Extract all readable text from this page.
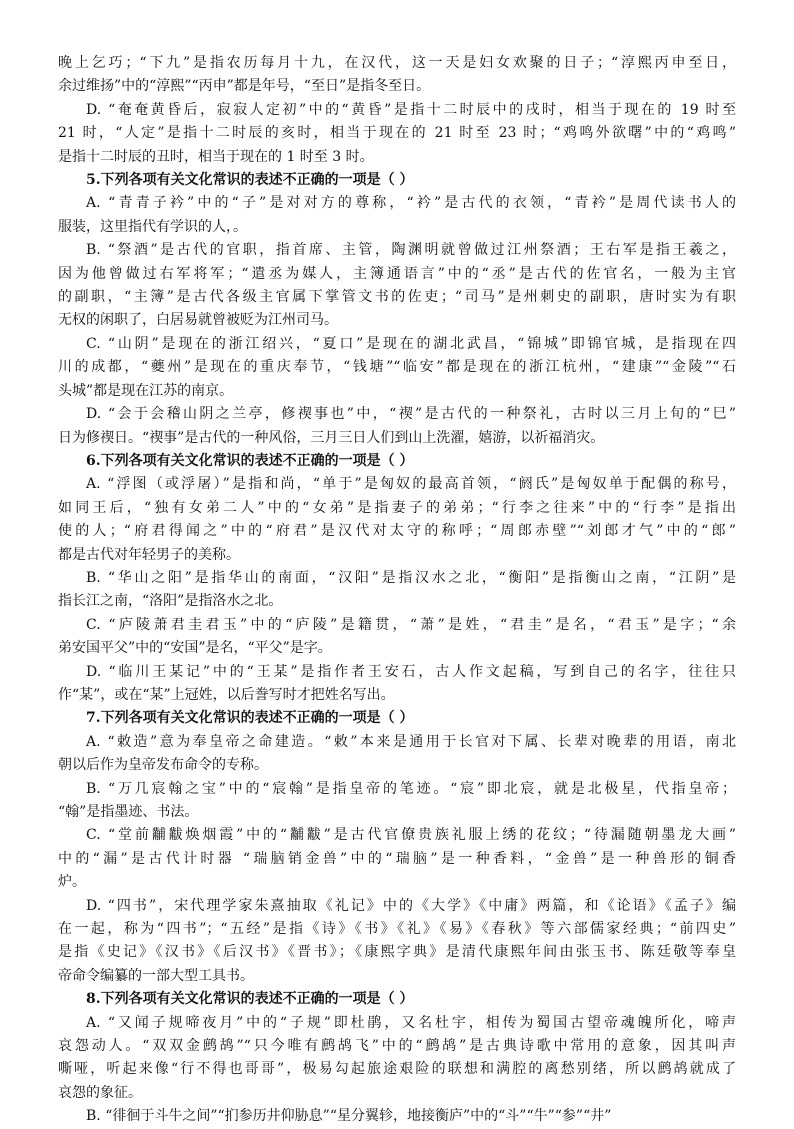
晚上乞巧；“下九”是指农历每月十九，在汉代，这一天是妇女欢聚的日子；“淳熙丙申至日，
余过维扬”中的“淳熙”“丙申”都是年号，“至日”是指冬至日。
D. “奄奄黄昏后，寂寂人定初”中的“黄昏”是指十二时辰中的戌时，相当于现在的 19 时至
21 时，“人定”是指十二时辰的亥时，相当于现在的 21 时至 23 时；“鸡鸣外欲曙”中的“鸡鸣”
是指十二时辰的丑时，相当于现在的 1 时至 3 时。
5.下列各项有关文化常识的表述不正确的一项是（ ）
A. “青青子衿”中的“子”是对对方的尊称，“衿”是古代的衣领，“青衿”是周代读书人的
服装，这里指代有学识的人，。
B. “祭酒”是古代的官职，指首席、主管，陶渊明就曾做过江州祭酒；王右军是指王羲之，
因为他曾做过右军将军；“遣丞为媒人，主簿通语言”中的“丞”是古代的佐官名，一般为主官
的副职，“主簿”是古代各级主官属下掌管文书的佐吏；“司马”是州刺史的副职，唐时实为有职
无权的闲职了，白居易就曾被贬为江州司马。
C. “山阴”是现在的浙江绍兴，“夏口”是现在的湖北武昌，“锦城”即锦官城，是指现在四
川的成都，“夔州”是现在的重庆奉节，“钱塘”“临安”都是现在的浙江杭州，“建康”“金陵”“石
头城”都是现在江苏的南京。
D. “会于会稽山阴之兰亭，修禊事也”中，“禊”是古代的一种祭礼，古时以三月上旬的“巳”
日为修禊日。“禊事”是古代的一种风俗，三月三日人们到山上洗濯，嬉游，以祈福消灾。
6.下列各项有关文化常识的表述不正确的一项是（ ）
A. “浮图（或浮屠）”是指和尚，“单于”是匈奴的最高首领，“阏氏”是匈奴单于配偶的称号，
如同王后，“独有女弟二人”中的“女弟”是指妻子的弟弟；“行李之往来”中的“行李”是指出
使的人；“府君得闻之”中的“府君”是汉代对太守的称呼；“周郎赤壁”“刘郎才气”中的“郎”
都是古代对年轻男子的美称。
B. “华山之阳”是指华山的南面，“汉阳”是指汉水之北，“衡阳”是指衡山之南，“江阴”是
指长江之南，“洛阳”是指洛水之北。
C. “庐陵萧君圭君玉”中的“庐陵”是籍贯，“萧”是姓，“君圭”是名，“君玉”是字；“余
弟安国平父”中的“安国”是名，“平父”是字。
D. “临川王某记”中的“王某”是指作者王安石，古人作文起稿，写到自己的名字，往往只
作“某”，或在“某”上冠姓，以后誊写时才把姓名写出。
7.下列各项有关文化常识的表述不正确的一项是（ ）
A. “敕造”意为奉皇帝之命建造。“敕”本来是通用于长官对下属、长辈对晚辈的用语，南北
朝以后作为皇帝发布命令的专称。
B. “万几宸翰之宝”中的“宸翰”是指皇帝的笔迹。“宸”即北宸，就是北极星，代指皇帝；
“翰”是指墨迹、书法。
C. “堂前黼黻焕烟霞”中的“黼黻”是古代官僚贵族礼服上绣的花纹；“待漏随朝墨龙大画”
中的“漏”是古代计时器 “瑞脑销金兽”中的“瑞脑”是一种香料，“金兽”是一种兽形的铜香
炉。
D. “四书”，宋代理学家朱熹抽取《礼记》中的《大学》《中庸》两篇，和《论语》《孟子》编
在一起，称为“四书”；“五经”是指《诗》《书》《礼》《易》《春秋》等六部儒家经典；“前四史”
是指《史记》《汉书》《后汉书》《晋书》；《康熙字典》是清代康熙年间由张玉书、陈廷敬等奉皇
帝命令编纂的一部大型工具书。
8.下列各项有关文化常识的表述不正确的一项是（ ）
A. “又闻子规啼夜月”中的“子规”即杜鹃，又名杜宇，相传为蜀国古望帝魂魄所化，啼声
哀怨动人。“双双金鹧鸪”“只今唯有鹧鸪飞”中的“鹧鸪”是古典诗歌中常用的意象，因其叫声
嘶哑，听起来像“行不得也哥哥”，极易勾起旅途艰险的联想和满腔的离愁别绪，所以鹧鸪就成了
哀怨的象征。
B. “徘徊于斗牛之间”“扪参历井仰胁息”“星分翼轸，地接衡庐”中的“斗”“牛”“参”“井”
